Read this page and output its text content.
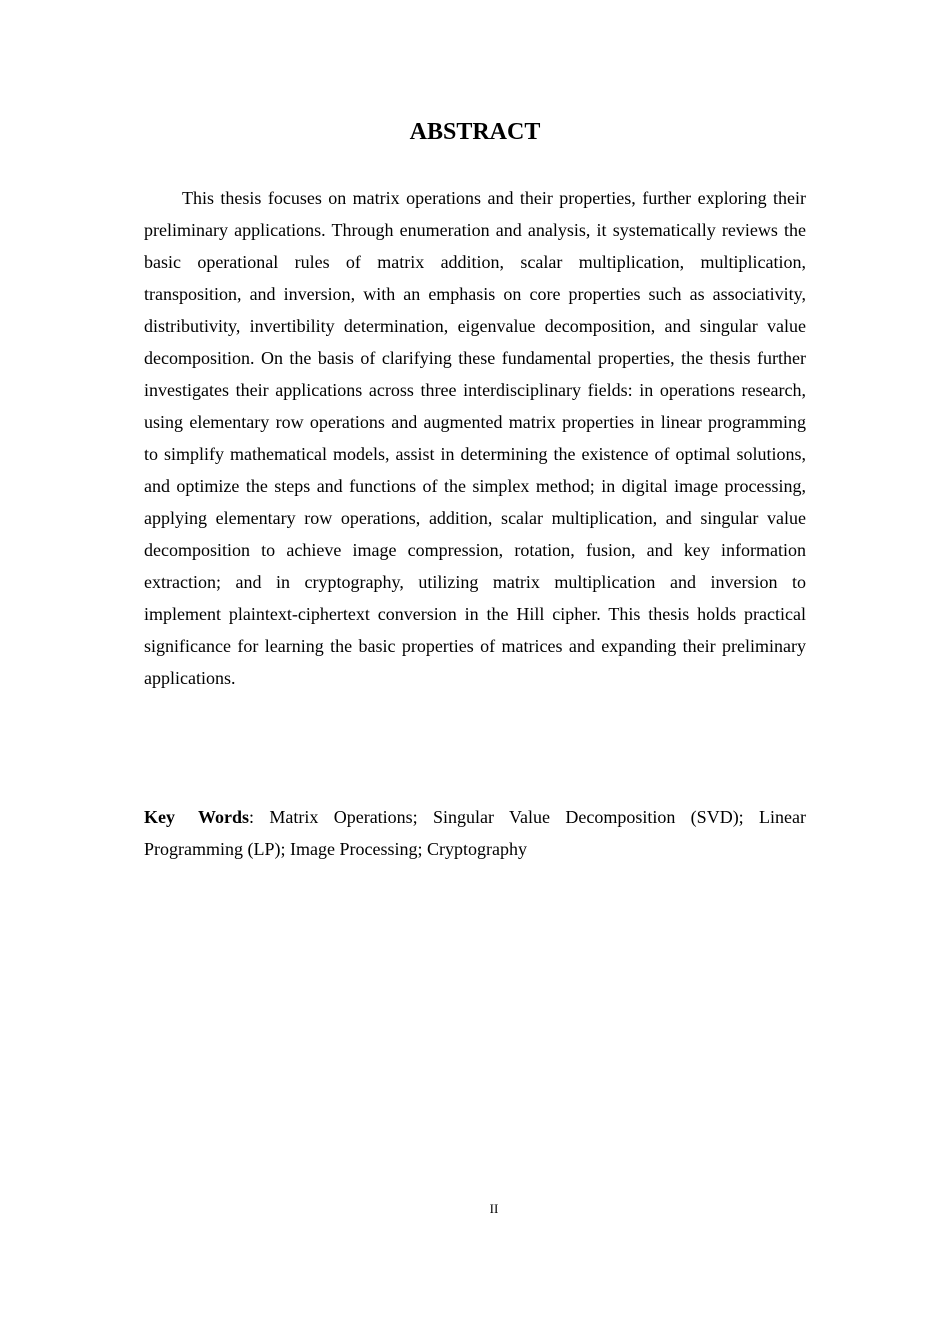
ABSTRACT

This thesis focuses on matrix operations and their properties, further exploring their preliminary applications. Through enumeration and analysis, it systematically reviews the basic operational rules of matrix addition, scalar multiplication, multiplication, transposition, and inversion, with an emphasis on core properties such as associativity, distributivity, invertibility determination, eigenvalue decomposition, and singular value decomposition. On the basis of clarifying these fundamental properties, the thesis further investigates their applications across three interdisciplinary fields: in operations research, using elementary row operations and augmented matrix properties in linear programming to simplify mathematical models, assist in determining the existence of optimal solutions, and optimize the steps and functions of the simplex method; in digital image processing, applying elementary row operations, addition, scalar multiplication, and singular value decomposition to achieve image compression, rotation, fusion, and key information extraction; and in cryptography, utilizing matrix multiplication and inversion to implement plaintext-ciphertext conversion in the Hill cipher. This thesis holds practical significance for learning the basic properties of matrices and expanding their preliminary applications.

Key Words: Matrix Operations; Singular Value Decomposition (SVD); Linear Programming (LP); Image Processing; Cryptography

II
